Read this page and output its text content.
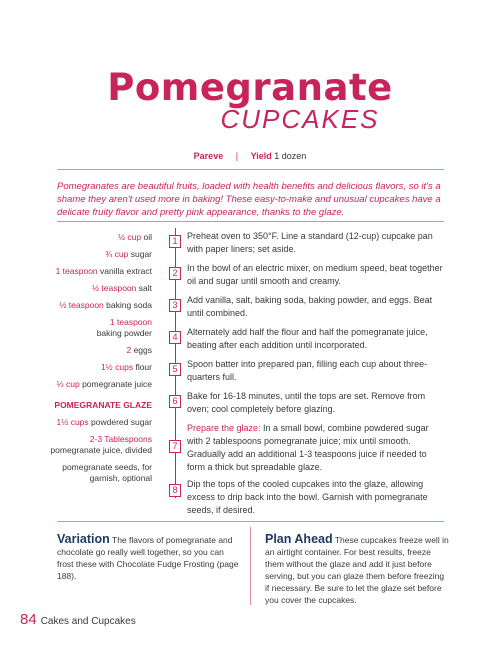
Pomegranate
CUPCAKES
Pareve | Yield 1 dozen
Pomegranates are beautiful fruits, loaded with health benefits and delicious flavors, so it's a shame they aren't used more in baking! These easy-to-make and unusual cupcakes have a delicate fruity flavor and pretty pink appearance, thanks to the glaze.
½ cup oil
¾ cup sugar
1 teaspoon vanilla extract
½ teaspoon salt
½ teaspoon baking soda
1 teaspoon
baking powder
2 eggs
1½ cups flour
⅓ cup pomegranate juice
POMEGRANATE GLAZE
1½ cups powdered sugar
2-3 Tablespoons
pomegranate juice, divided
pomegranate seeds, for garnish, optional
1	Preheat oven to 350°F. Line a standard (12-cup) cupcake pan with paper liners; set aside.
2	In the bowl of an electric mixer, on medium speed, beat together oil and sugar until smooth and creamy.
3	Add vanilla, salt, baking soda, baking powder, and eggs. Beat until combined.
4	Alternately add half the flour and half the pomegranate juice, beating after each addition until incorporated.
5	Spoon batter into prepared pan, filling each cup about three-quarters full.
6	Bake for 16-18 minutes, until the tops are set. Remove from oven; cool completely before glazing.
7
Prepare the glaze: In a small bowl, combine powdered sugar with 2 tablespoons pomegranate juice; mix until smooth. Gradually add an additional 1-3 teaspoons juice if needed to form a thick but spreadable glaze.
8
Dip the tops of the cooled cupcakes into the glaze, allowing excess to drip back into the bowl. Garnish with pomegranate seeds, if desired.
Variation The flavors of pomegranate and chocolate go really well together, so you can frost these with Chocolate Fudge Frosting (page 188).
Plan Ahead These cupcakes freeze well in an airtight container. For best results, freeze them without the glaze and add it just before serving, but you can glaze them before freezing if necessary. Be sure to let the glaze set before you cover the cupcakes.
84 Cakes and Cupcakes
